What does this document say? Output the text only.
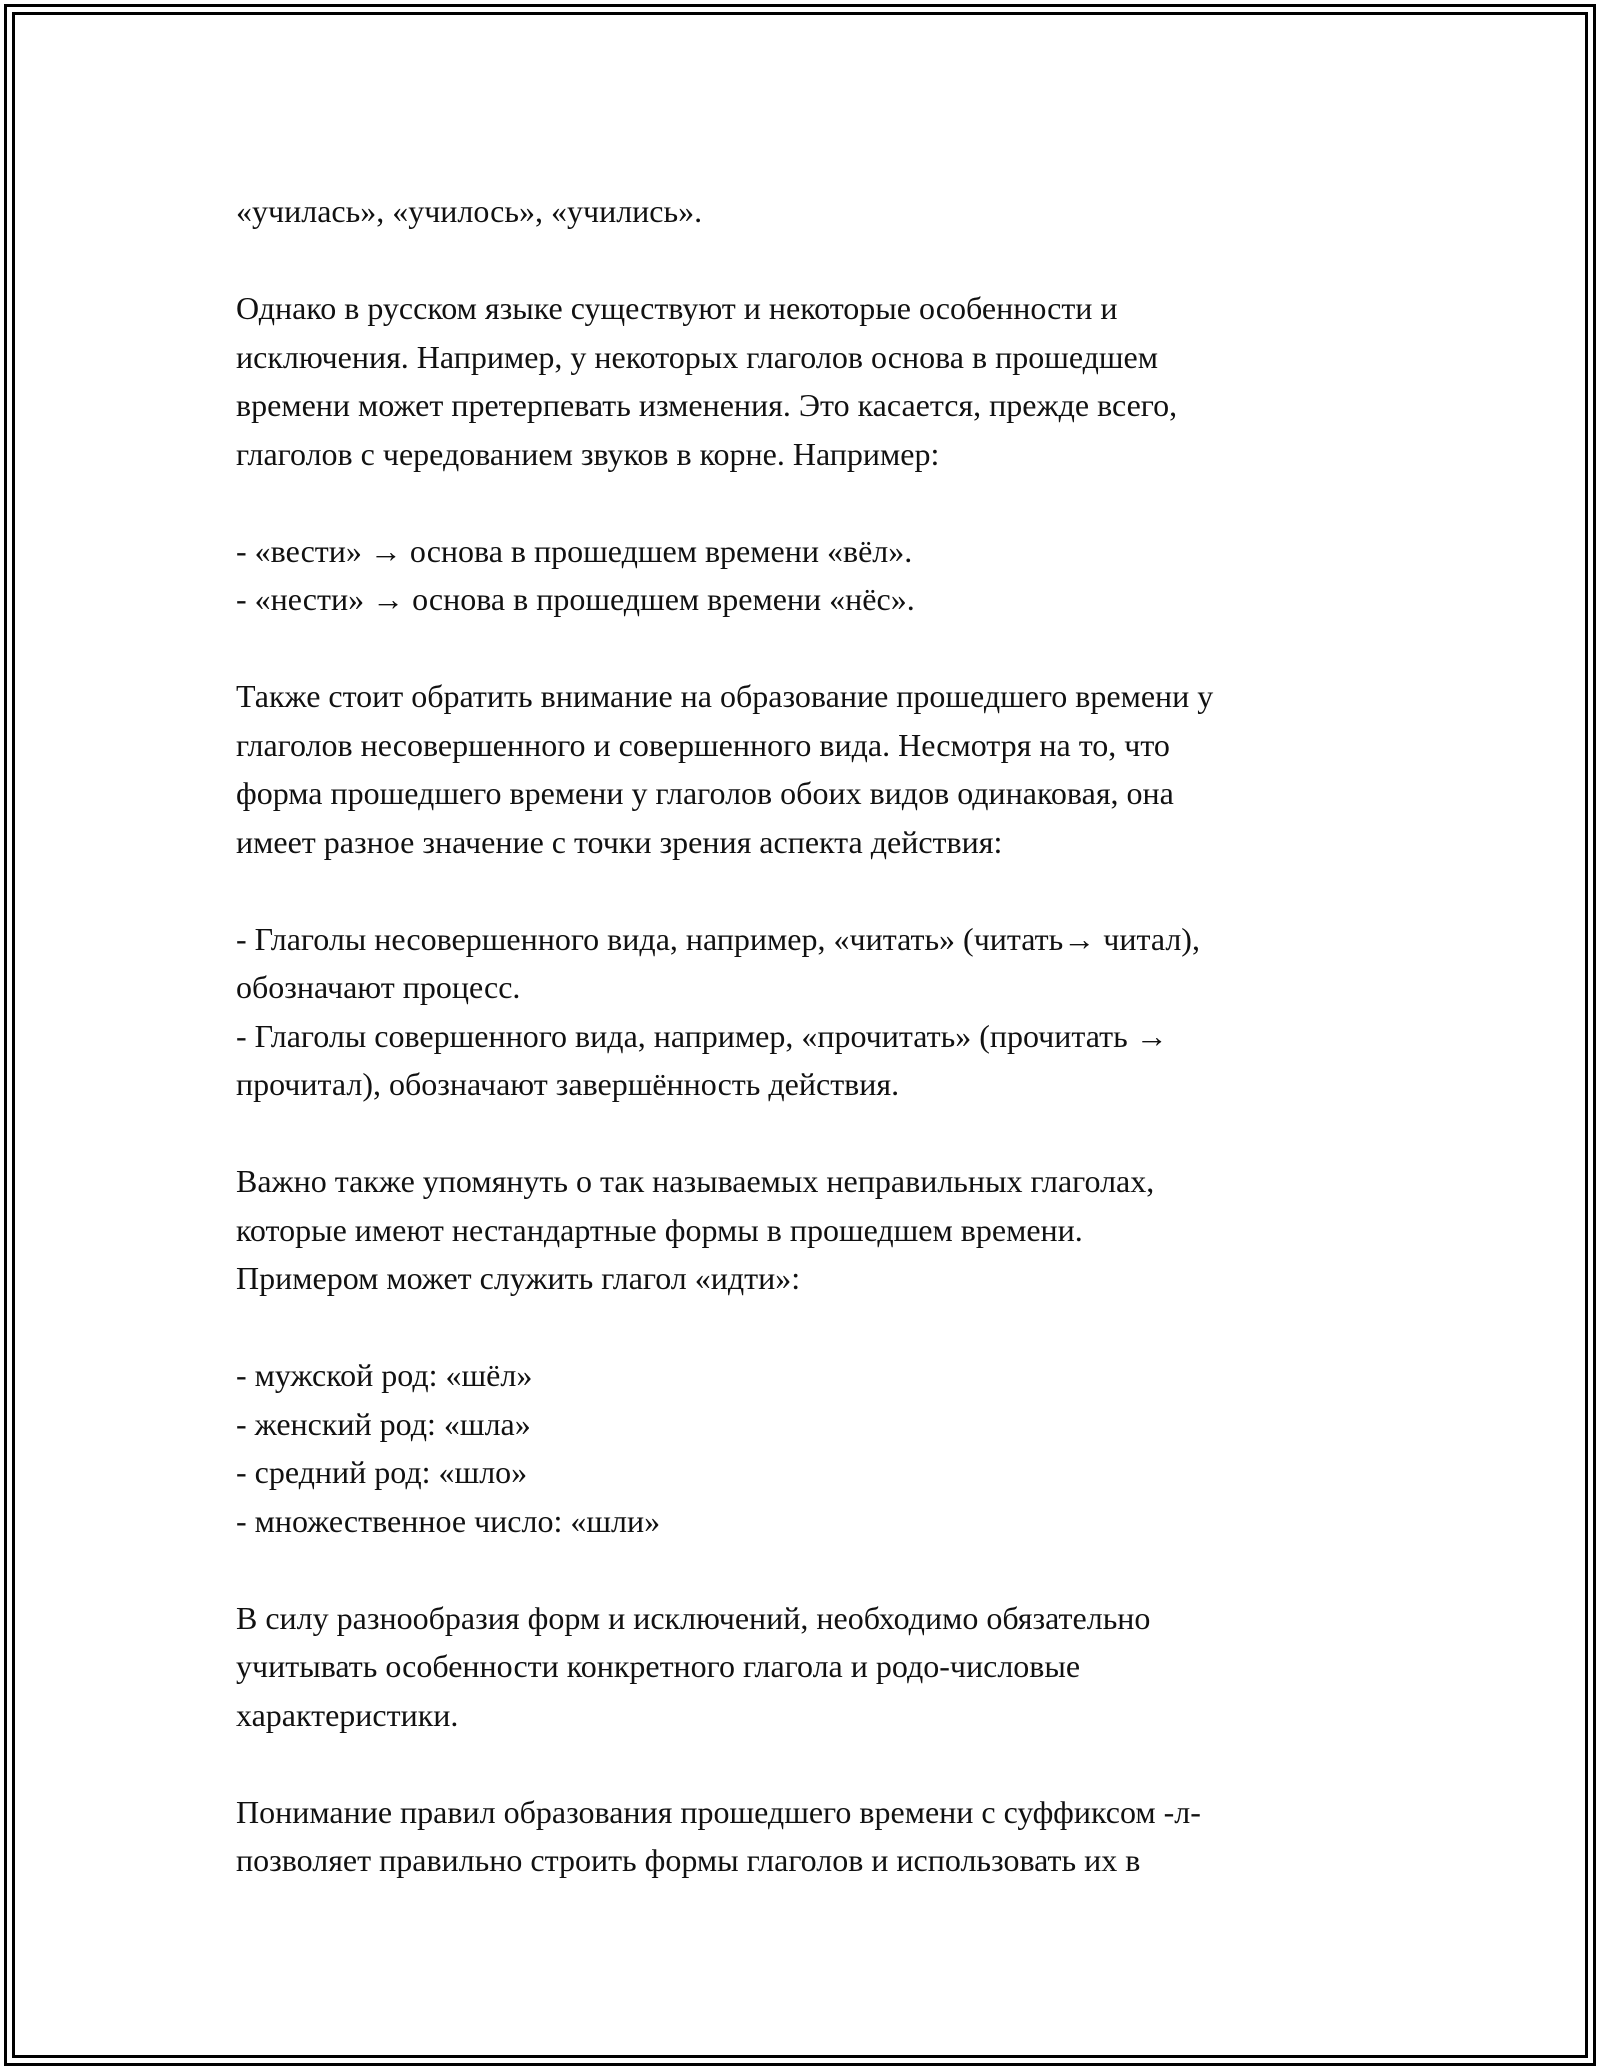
«училась», «училось», «учились».
Однако в русском языке существуют и некоторые особенности и
исключения. Например, у некоторых глаголов основа в прошедшем
времени может претерпевать изменения. Это касается, прежде всего,
глаголов с чередованием звуков в корне. Например:
- «вести» → основа в прошедшем времени «вёл».
- «нести» → основа в прошедшем времени «нёс».
Также стоит обратить внимание на образование прошедшего времени у
глаголов несовершенного и совершенного вида. Несмотря на то, что
форма прошедшего времени у глаголов обоих видов одинаковая, она
имеет разное значение с точки зрения аспекта действия:
- Глаголы несовершенного вида, например, «читать» (читать→ читал),
обозначают процесс.
- Глаголы совершенного вида, например, «прочитать» (прочитать →
прочитал), обозначают завершённость действия.
Важно также упомянуть о так называемых неправильных глаголах,
которые имеют нестандартные формы в прошедшем времени.
Примером может служить глагол «идти»:
- мужской род: «шёл»
- женский род: «шла»
- средний род: «шло»
- множественное число: «шли»
В силу разнообразия форм и исключений, необходимо обязательно
учитывать особенности конкретного глагола и родо-числовые
характеристики.
Понимание правил образования прошедшего времени с суффиксом -л-
позволяет правильно строить формы глаголов и использовать их в
